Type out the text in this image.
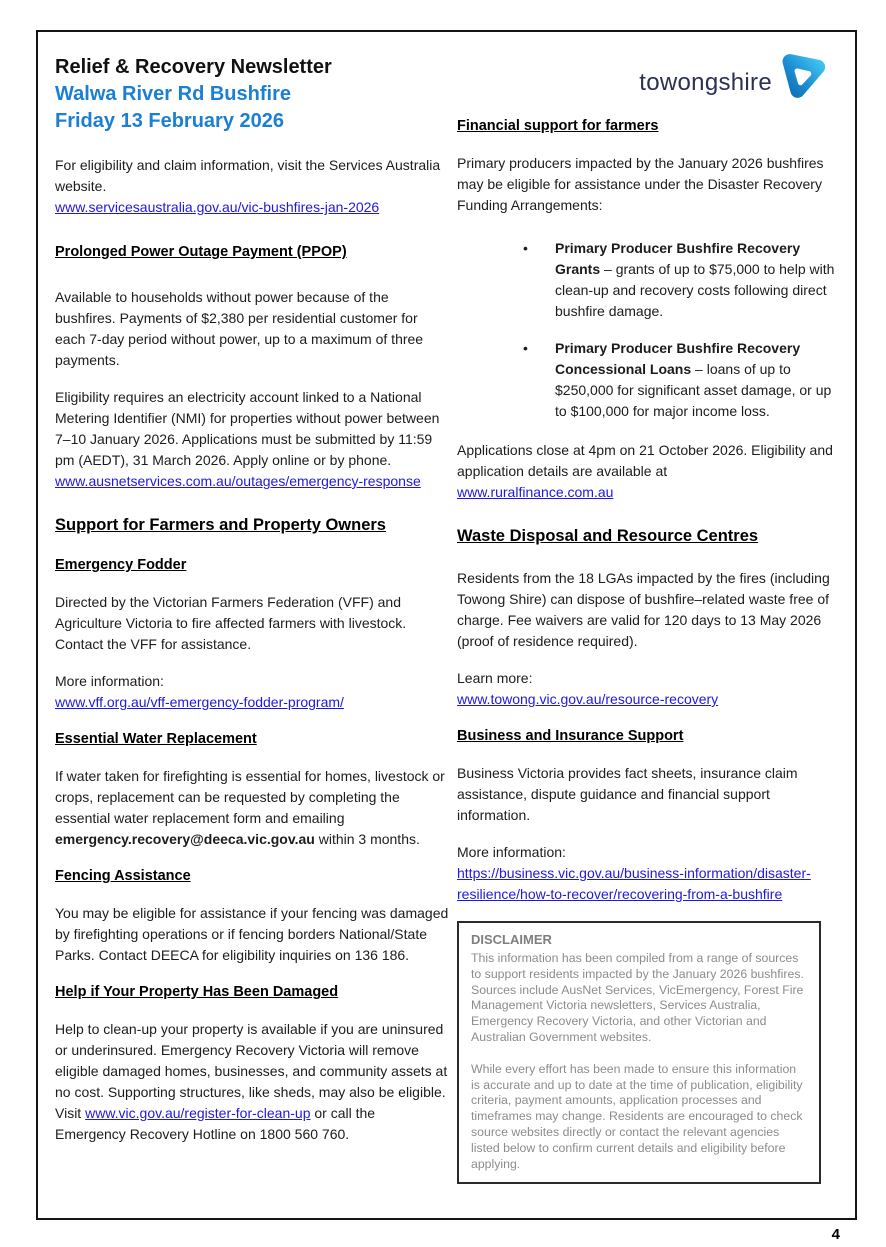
towongshire
Relief & Recovery Newsletter
Walwa River Rd Bushfire
Friday 13 February 2026

For eligibility and claim information, visit the Services Australia website.

www.servicesaustralia.gov.au/vic-bushfires-jan-2026
Prolonged Power Outage Payment (PPOP)

Available to households without power because of the bushfires. Payments of $2,380 per residential customer for each 7-day period without power, up to a maximum of three payments.

Eligibility requires an electricity account linked to a National Metering Identifier (NMI) for properties without power between 7–10 January 2026. Applications must be submitted by 11:59 pm (AEDT), 31 March 2026. Apply online or by phone.

www.ausnetservices.com.au/outages/emergency-response
Support for Farmers and Property Owners
Emergency Fodder

Directed by the Victorian Farmers Federation (VFF) and Agriculture Victoria to fire affected farmers with livestock. Contact the VFF for assistance.

More information:

www.vff.org.au/vff-emergency-fodder-program/
Essential Water Replacement

If water taken for firefighting is essential for homes, livestock or crops, replacement can be requested by completing the essential water replacement form and emailing emergency.recovery@deeca.vic.gov.au within 3 months.

Fencing Assistance

You may be eligible for assistance if your fencing was damaged by firefighting operations or if fencing borders National/State Parks. Contact DEECA for eligibility inquiries on 136 186.

Help if Your Property Has Been Damaged

Help to clean-up your property is available if you are uninsured or underinsured. Emergency Recovery Victoria will remove eligible damaged homes, businesses, and community assets at no cost. Supporting structures, like sheds, may also be eligible. Visit www.vic.gov.au/register-for-clean-up or call the Emergency Recovery Hotline on 1800 560 760.

Financial support for farmers

Primary producers impacted by the January 2026 bushfires may be eligible for assistance under the Disaster Recovery Funding Arrangements:

•	Primary Producer Bushfire Recovery Grants – grants of up to $75,000 to help with clean-up and recovery costs following direct bushfire damage.
•	Primary Producer Bushfire Recovery Concessional Loans – loans of up to $250,000 for significant asset damage, or up to $100,000 for major income loss.

Applications close at 4pm on 21 October 2026. Eligibility and application details are available at

www.ruralfinance.com.au
Waste Disposal and Resource Centres

Residents from the 18 LGAs impacted by the fires (including Towong Shire) can dispose of bushfire–related waste free of charge. Fee waivers are valid for 120 days to 13 May 2026 (proof of residence required).

Learn more:

www.towong.vic.gov.au/resource-recovery
Business and Insurance Support

Business Victoria provides fact sheets, insurance claim assistance, dispute guidance and financial support information.

More information:

https://business.vic.gov.au/business-information/disaster-resilience/how-to-recover/recovering-from-a-bushfire
DISCLAIMER

This information has been compiled from a range of sources to support residents impacted by the January 2026 bushfires. Sources include AusNet Services, VicEmergency, Forest Fire Management Victoria newsletters, Services Australia, Emergency Recovery Victoria, and other Victorian and Australian Government websites.

While every effort has been made to ensure this information is accurate and up to date at the time of publication, eligibility criteria, payment amounts, application processes and timeframes may change. Residents are encouraged to check source websites directly or contact the relevant agencies listed below to confirm current details and eligibility before applying.

4
